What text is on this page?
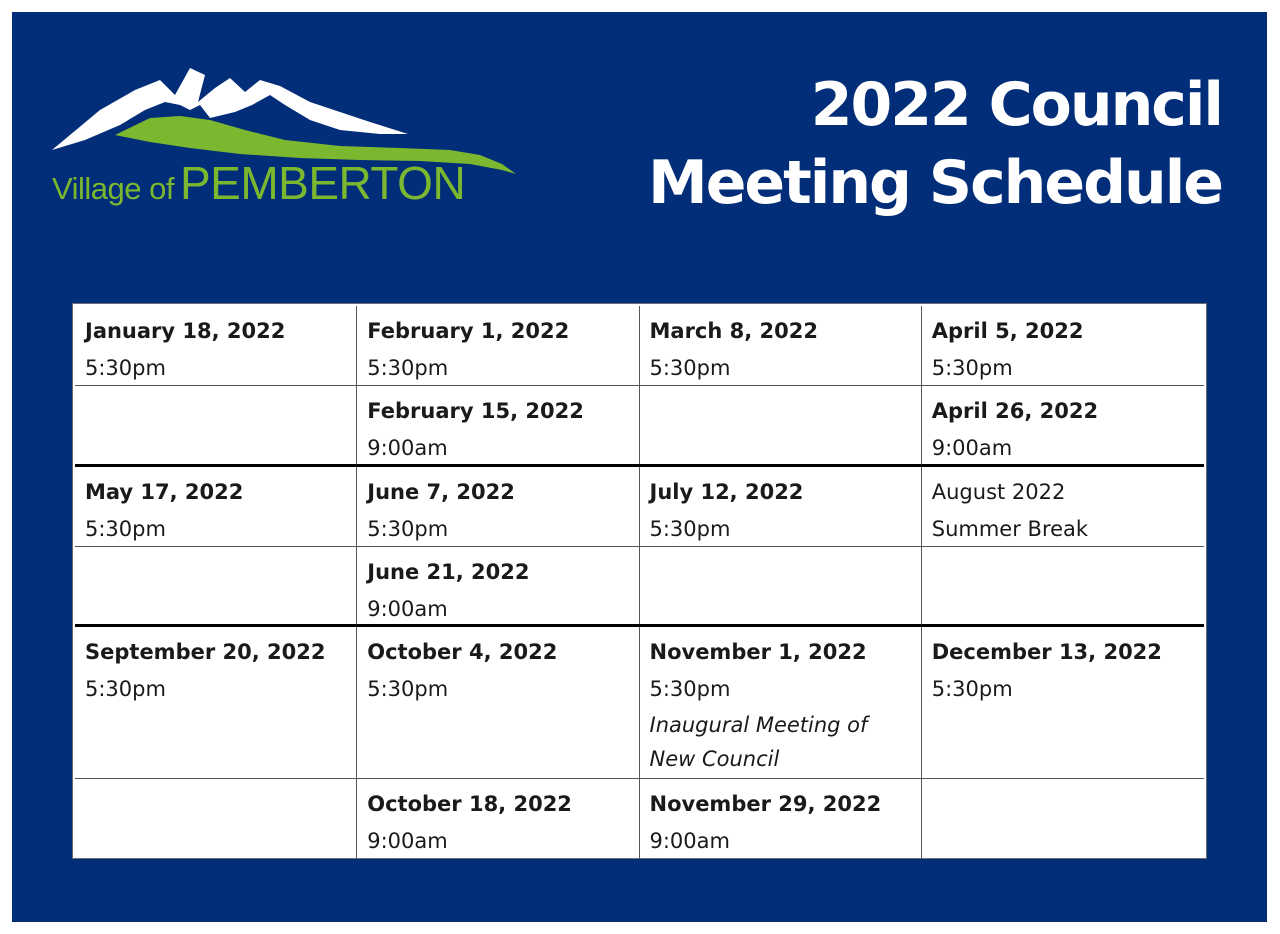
Village of PEMBERTON
2022 Council
Meeting Schedule
January 18, 2022
5:30pm
February 1, 2022
5:30pm
March 8, 2022
5:30pm
April 5, 2022
5:30pm
February 15, 2022
9:00am
April 26, 2022
9:00am
May 17, 2022
5:30pm
June 7, 2022
5:30pm
July 12, 2022
5:30pm
August 2022
Summer Break
June 21, 2022
9:00am
September 20, 2022
5:30pm
October 4, 2022
5:30pm
November 1, 2022
5:30pm
Inaugural Meeting of New Council
December 13, 2022
5:30pm
October 18, 2022
9:00am
November 29, 2022
9:00am
